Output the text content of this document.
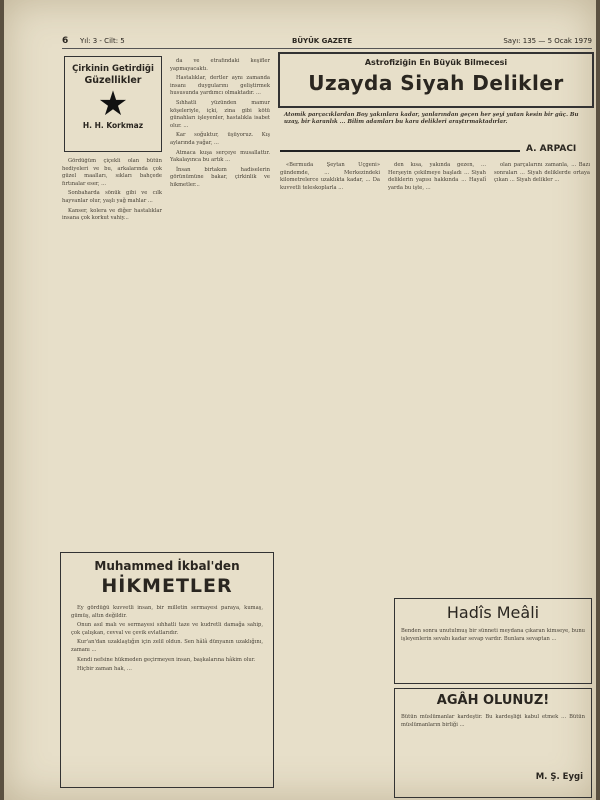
6 Yıl: 3 - Cilt: 5	BÜYÜK GAZETE	Sayı: 135 — 5 Ocak 1979
Çirkinin Getirdiği
Güzellikler
★
H. H. Korkmaz

Gördüğüm çiçekli olan bütün hediyeleri ve bu, arkalarında çok güzel maalları, sıkları bahçede fırtınalar eser, ...

Sonbaharda sönük gibi ve cılk hayvanlar olur, yaşlı yağ mahlar ...

Kanser, kolera ve diğer hastalıklar insana çok korkut vahiy...

da ve etrafındaki keşifler yapmayacaktı.

Hastalıklar, dertler aynı zamanda insanı duygularını geliştirmek hususunda yardımcı olmaktadır. ...

Sıhhatli yüzünden mamur köşeleriyle, içki, zina gibi kötü günahları işleyenler, hastalıkla isabet olur. ...

Kar soğuktur, üşüyoruz. Kış aylarında yağar, ...

Atmaca kuşa serçeye musallattır. Yakalayınca bu artık ...

İnsan birtakım hadiselerin görünümüne bakar, çirkinlik ve hikmetler...

Astrofiziğin En Büyük Bilmecesi
Uzayda Siyah Delikler
Atomik parçacıklardan Boy yakınlara kadar, yanlarından geçen her şeyi yutan kesin bir güç. Bu uzay, bir karanlık ... Bilim adamları bu kara delikleri araştırmaktadırlar.
A. ARPACI

«Bermuda Şeytan Üçgeni» gündemde, ... Merkezindeki kilometrelerce uzaklıkta kadar, ... Da kuvvetli teleskoplarla ...

den kısa, yakında gezen, ... Herşeyin çekilmeye başladı ... Siyah deliklerin yapısı hakkında ... Hayalî yarda bu işte, ...

olan parçalarını zamanla, ... Bazı sonraları ... Siyah deliklerde ortaya çıkan ... Siyah delikler ...

Muhammed İkbal'den
HİKMETLER

Ey gördüğü kuvvetli insan, bir milletin sermayesi paraya, kumaş, gümüş, altın değildir.

Onun asıl malı ve sermayesi sıhhatli taze ve kudretli damağa sahip, çok çalışkan, cevval ve çevik evlatlarıdır.

Kur'an'dan uzaklaştığın için zelil oldun. Sen hâlâ dünyanın uzaklığını, zamanı ...

Kendi nefsine hükmeden geçirmeyen insan, başkalarına hâkim olur.

Hiçbir zaman hak, ...

Hadîs Meâli
Benden sonra unutulmuş bir sünneti meydana çıkaran kimseye, bunu işleyenlerin sevabı kadar sevap vardır. Bunlara sevaptan ...
AGÂH OLUNUZ!
Bütün müslümanlar kardeştir. Bu kardeşliği kabul etmek ... Bütün müslümanların birliği ...
M. Ş. Eygi
